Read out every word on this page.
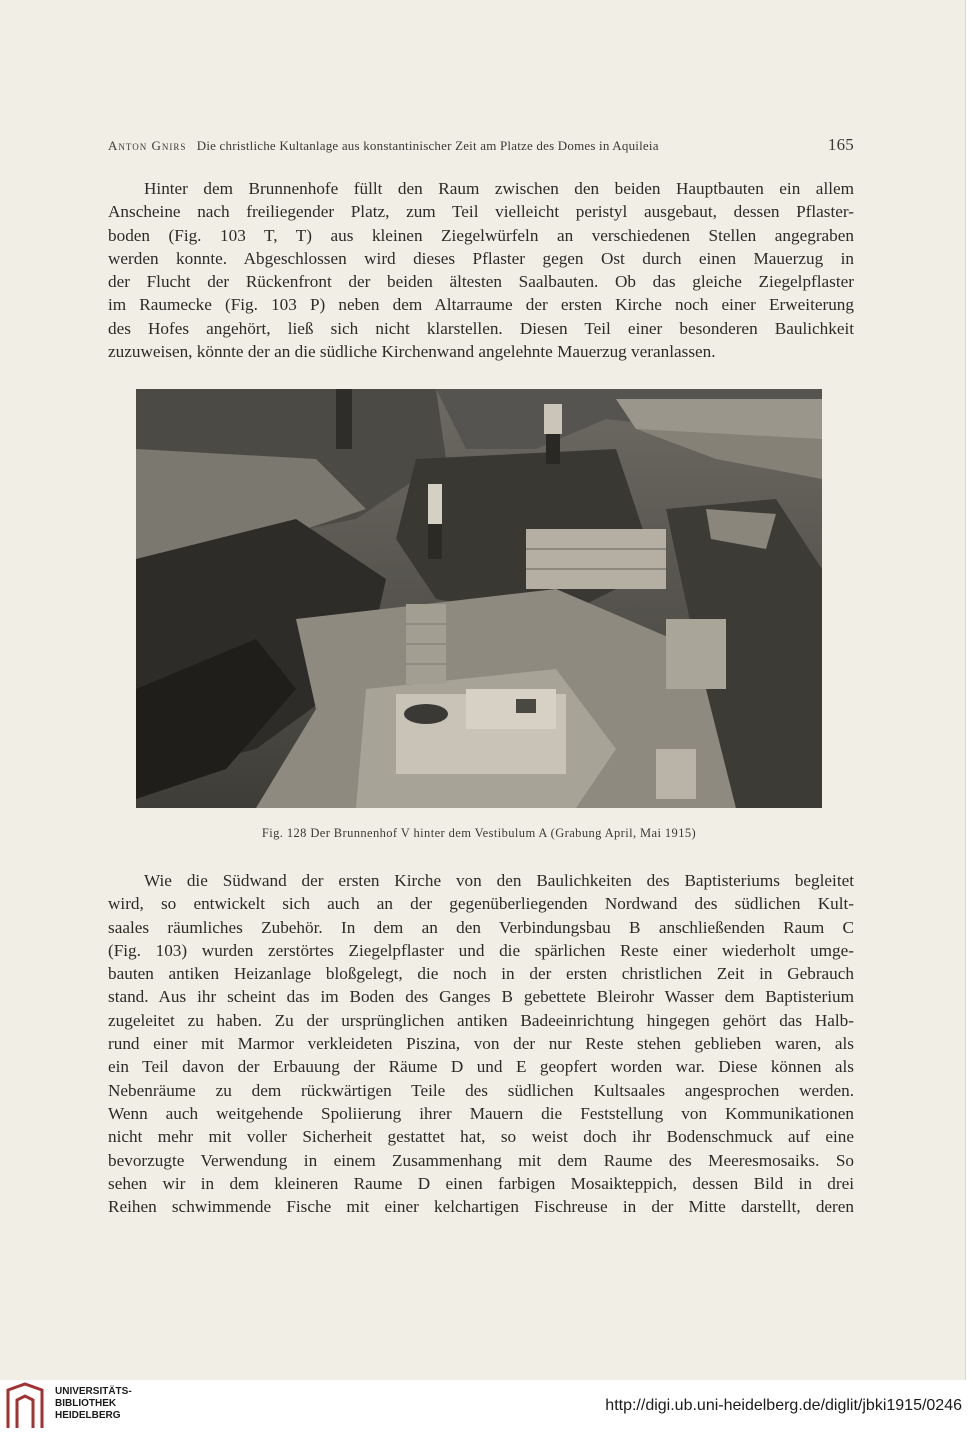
Anton Gnirs Die christliche Kultanlage aus konstantinischer Zeit am Platze des Domes in Aquileia	165
Hinter dem Brunnenhofe füllt den Raum zwischen den beiden Hauptbauten ein allem
Anscheine nach freiliegender Platz, zum Teil vielleicht peristyl ausgebaut, dessen Pflaster-
boden (Fig. 103 T, T) aus kleinen Ziegelwürfeln an verschiedenen Stellen angegraben
werden konnte. Abgeschlossen wird dieses Pflaster gegen Ost durch einen Mauerzug in
der Flucht der Rückenfront der beiden ältesten Saalbauten. Ob das gleiche Ziegelpflaster
im Raumecke (Fig. 103 P) neben dem Altarraume der ersten Kirche noch einer Erweiterung
des Hofes angehört, ließ sich nicht klarstellen. Diesen Teil einer besonderen Baulichkeit
zuzuweisen, könnte der an die südliche Kirchenwand angelehnte Mauerzug veranlassen.
Fig. 128 Der Brunnenhof V hinter dem Vestibulum A (Grabung April, Mai 1915)
Wie die Südwand der ersten Kirche von den Baulichkeiten des Baptisteriums begleitet
wird, so entwickelt sich auch an der gegenüberliegenden Nordwand des südlichen Kult-
saales räumliches Zubehör. In dem an den Verbindungsbau B anschließenden Raum C
(Fig. 103) wurden zerstörtes Ziegelpflaster und die spärlichen Reste einer wiederholt umge-
bauten antiken Heizanlage bloßgelegt, die noch in der ersten christlichen Zeit in Gebrauch
stand. Aus ihr scheint das im Boden des Ganges B gebettete Bleirohr Wasser dem Baptisterium
zugeleitet zu haben. Zu der ursprünglichen antiken Badeeinrichtung hingegen gehört das Halb-
rund einer mit Marmor verkleideten Piszina, von der nur Reste stehen geblieben waren, als
ein Teil davon der Erbauung der Räume D und E geopfert worden war. Diese können als
Nebenräume zu dem rückwärtigen Teile des südlichen Kultsaales angesprochen werden.
Wenn auch weitgehende Spoliierung ihrer Mauern die Feststellung von Kommunikationen
nicht mehr mit voller Sicherheit gestattet hat, so weist doch ihr Bodenschmuck auf eine
bevorzugte Verwendung in einem Zusammenhang mit dem Raume des Meeresmosaiks. So
sehen wir in dem kleineren Raume D einen farbigen Mosaikteppich, dessen Bild in drei
Reihen schwimmende Fische mit einer kelchartigen Fischreuse in der Mitte darstellt, deren
UNIVERSITÄTS-
BIBLIOTHEK
HEIDELBERG
http://digi.ub.uni-heidelberg.de/diglit/jbki1915/0246
